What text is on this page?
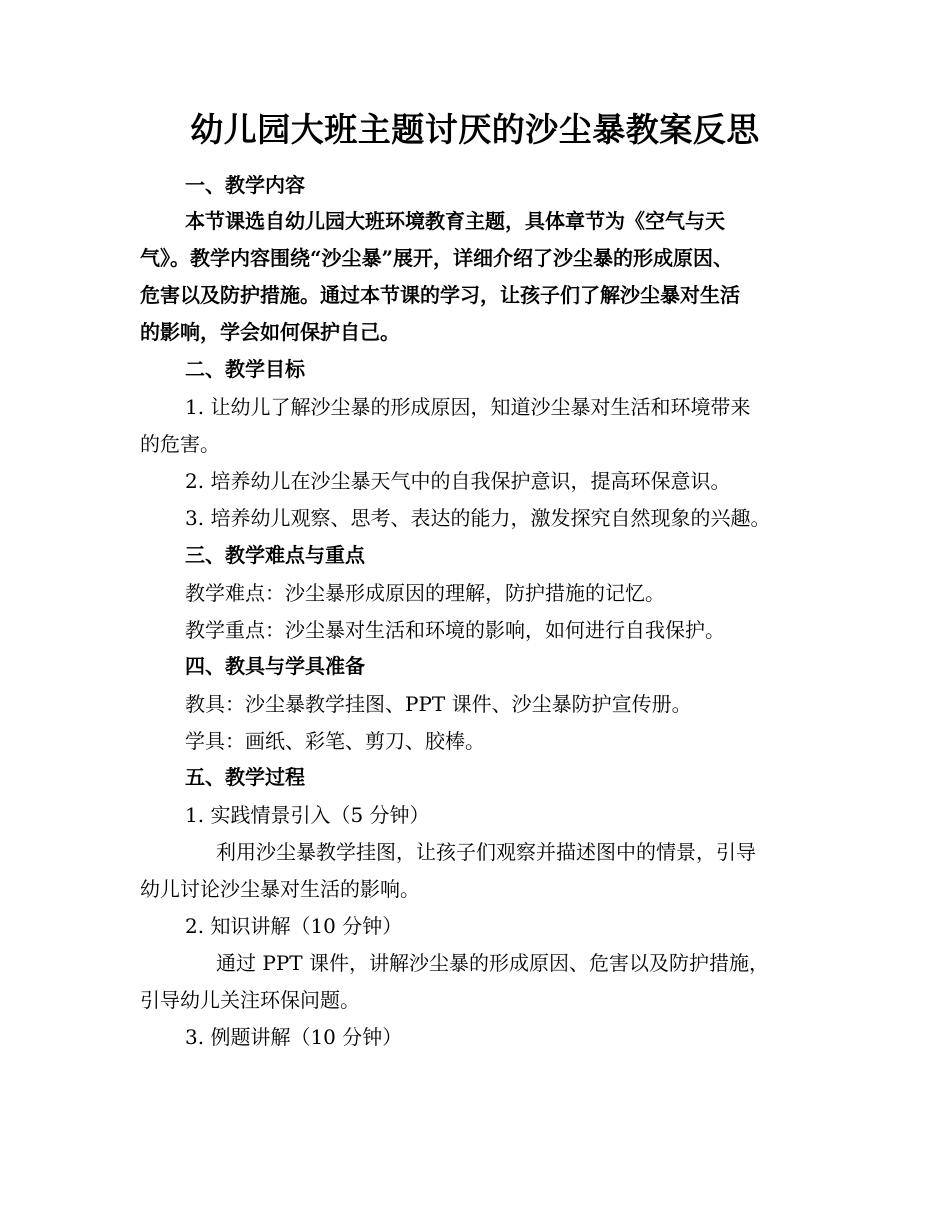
幼儿园大班主题讨厌的沙尘暴教案反思
一、教学内容
本节课选自幼儿园大班环境教育主题，具体章节为《空气与天
气》。教学内容围绕“沙尘暴”展开，详细介绍了沙尘暴的形成原因、
危害以及防护措施。通过本节课的学习，让孩子们了解沙尘暴对生活
的影响，学会如何保护自己。
二、教学目标
1. 让幼儿了解沙尘暴的形成原因，知道沙尘暴对生活和环境带来
的危害。
2. 培养幼儿在沙尘暴天气中的自我保护意识，提高环保意识。
3. 培养幼儿观察、思考、表达的能力，激发探究自然现象的兴趣。
三、教学难点与重点
教学难点：沙尘暴形成原因的理解，防护措施的记忆。
教学重点：沙尘暴对生活和环境的影响，如何进行自我保护。
四、教具与学具准备
教具：沙尘暴教学挂图、PPT 课件、沙尘暴防护宣传册。
学具：画纸、彩笔、剪刀、胶棒。
五、教学过程
1. 实践情景引入（5 分钟）
利用沙尘暴教学挂图，让孩子们观察并描述图中的情景，引导
幼儿讨论沙尘暴对生活的影响。
2. 知识讲解（10 分钟）
通过 PPT 课件，讲解沙尘暴的形成原因、危害以及防护措施，
引导幼儿关注环保问题。
3. 例题讲解（10 分钟）
